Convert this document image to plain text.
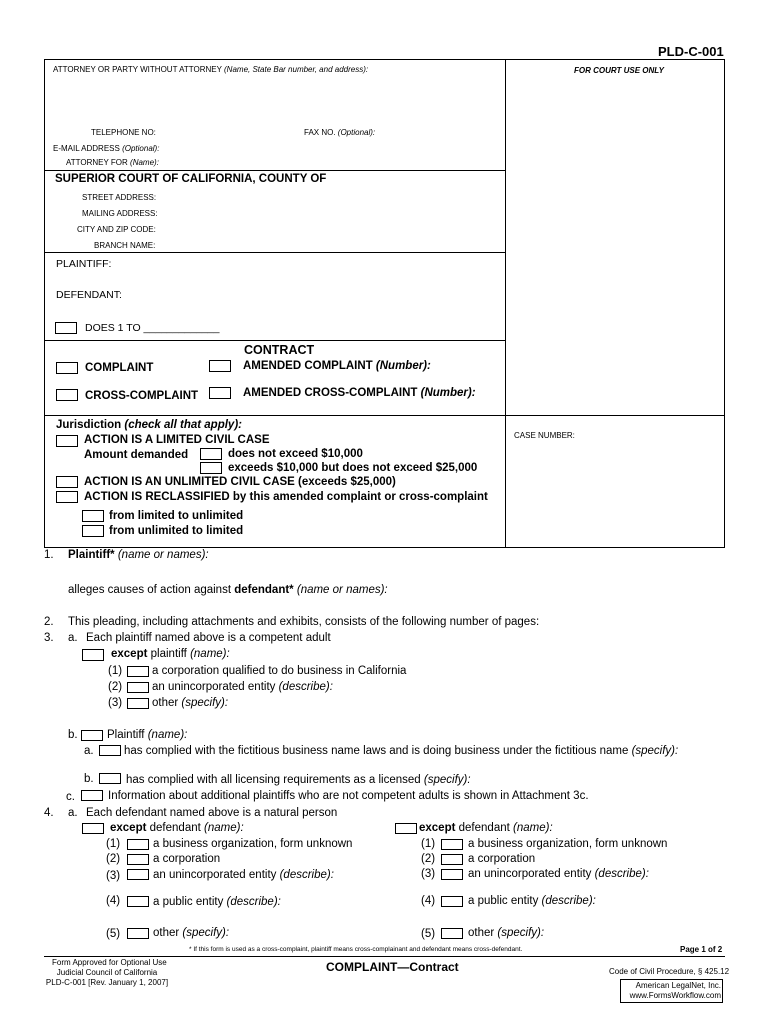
PLD-C-001
ATTORNEY OR PARTY WITHOUT ATTORNEY (Name, State Bar number, and address):	FOR COURT USE ONLY
TELEPHONE NO:	FAX NO. (Optional):
E-MAIL ADDRESS (Optional):
ATTORNEY FOR (Name):
SUPERIOR COURT OF CALIFORNIA, COUNTY OF
STREET ADDRESS:
MAILING ADDRESS:
CITY AND ZIP CODE:
BRANCH NAME:
PLAINTIFF:
DEFENDANT:
DOES 1 TO _____________
CONTRACT
COMPLAINT	AMENDED COMPLAINT (Number):
CROSS-COMPLAINT	AMENDED CROSS-COMPLAINT (Number):
Jurisdiction (check all that apply):
CASE NUMBER:
ACTION IS A LIMITED CIVIL CASE
Amount demanded	does not exceed $10,000
exceeds $10,000 but does not exceed $25,000
ACTION IS AN UNLIMITED CIVIL CASE (exceeds $25,000)
ACTION IS RECLASSIFIED by this amended complaint or cross-complaint
from limited to unlimited
from unlimited to limited
1. Plaintiff* (name or names):
alleges causes of action against defendant* (name or names):
2. This pleading, including attachments and exhibits, consists of the following number of pages:
3. a. Each plaintiff named above is a competent adult
except plaintiff (name):
(1)	a corporation qualified to do business in California
(2)	an unincorporated entity (describe):
(3)	other (specify):
b.	Plaintiff (name):
a.	has complied with the fictitious business name laws and is doing business under the fictitious name (specify):
b.	has complied with all licensing requirements as a licensed (specify):
c.	Information about additional plaintiffs who are not competent adults is shown in Attachment 3c.
4. a. Each defendant named above is a natural person
except defendant (name):
(1)	a business organization, form unknown
(2)	a corporation
(3)	an unincorporated entity (describe):
(4)	a public entity (describe):
(5)	other (specify):
except defendant (name):
(1)	a business organization, form unknown
(2)	a corporation
(3)	an unincorporated entity (describe):
(4)	a public entity (describe):
(5)	other (specify):
* If this form is used as a cross-complaint, plaintiff means cross-complainant and defendant means cross-defendant.	Page 1 of 2
Form Approved for Optional Use
Judicial Council of California
PLD-C-001 [Rev. January 1, 2007]
COMPLAINT—Contract	Code of Civil Procedure, § 425.12
American LegalNet, Inc.
www.FormsWorkflow.com
